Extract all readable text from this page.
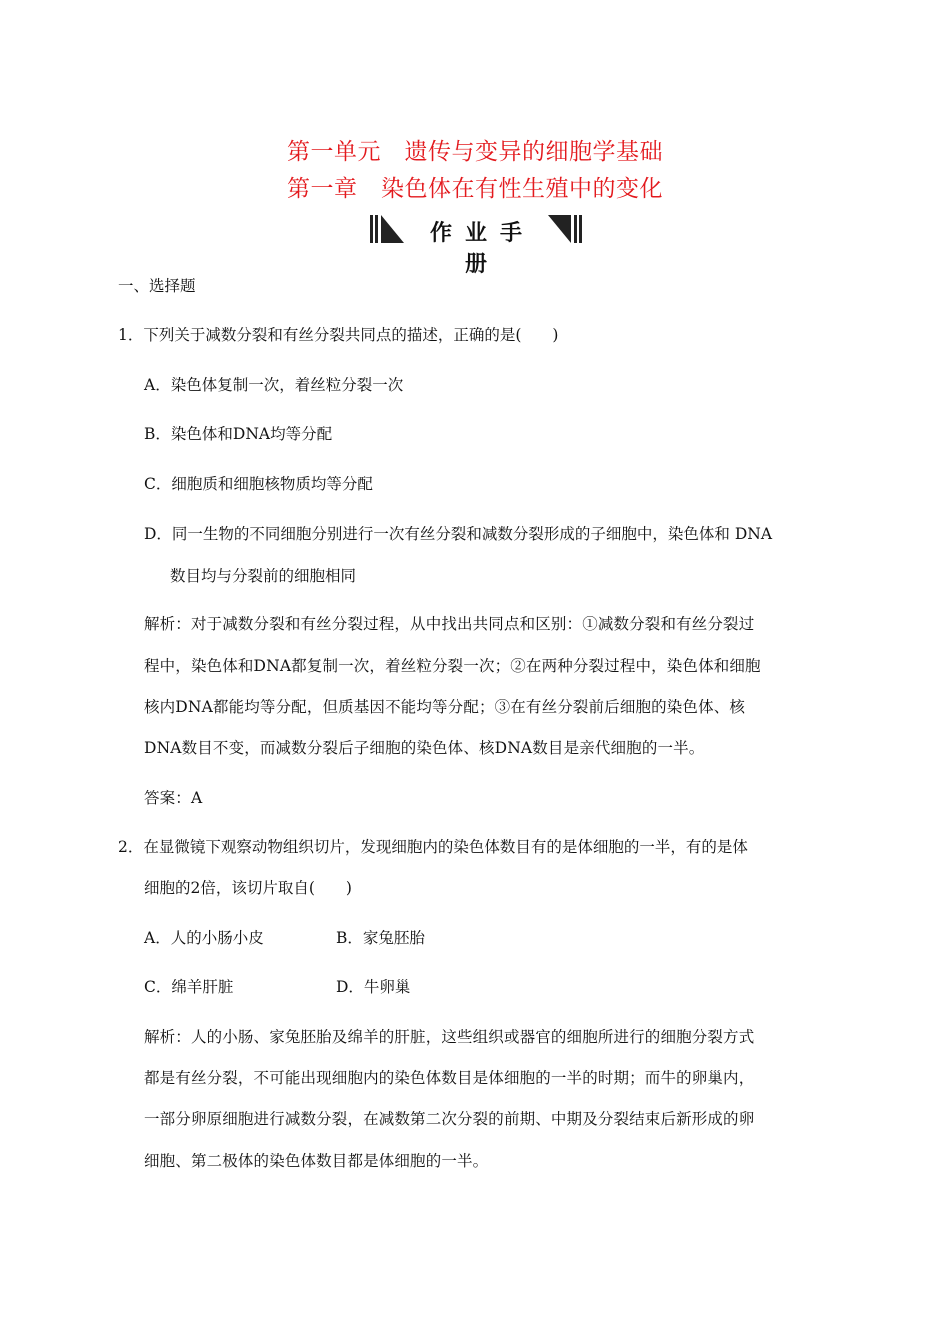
第一单元　遗传与变异的细胞学基础
第一章　染色体在有性生殖中的变化
作业手册
一、选择题
1．下列关于减数分裂和有丝分裂共同点的描述，正确的是(　　)
A．染色体复制一次，着丝粒分裂一次
B．染色体和DNA均等分配
C．细胞质和细胞核物质均等分配
D．同一生物的不同细胞分别进行一次有丝分裂和减数分裂形成的子细胞中，染色体和 DNA
数目均与分裂前的细胞相同
解析：对于减数分裂和有丝分裂过程，从中找出共同点和区别：①减数分裂和有丝分裂过
程中，染色体和DNA都复制一次，着丝粒分裂一次；②在两种分裂过程中，染色体和细胞
核内DNA都能均等分配，但质基因不能均等分配；③在有丝分裂前后细胞的染色体、核
DNA数目不变，而减数分裂后子细胞的染色体、核DNA数目是亲代细胞的一半。
答案：A
2．在显微镜下观察动物组织切片，发现细胞内的染色体数目有的是体细胞的一半，有的是体
细胞的2倍，该切片取自(　　)
A．人的小肠小皮	B．家兔胚胎
C．绵羊肝脏	D．牛卵巢
解析：人的小肠、家兔胚胎及绵羊的肝脏，这些组织或器官的细胞所进行的细胞分裂方式
都是有丝分裂，不可能出现细胞内的染色体数目是体细胞的一半的时期；而牛的卵巢内，
一部分卵原细胞进行减数分裂，在减数第二次分裂的前期、中期及分裂结束后新形成的卵
细胞、第二极体的染色体数目都是体细胞的一半。
